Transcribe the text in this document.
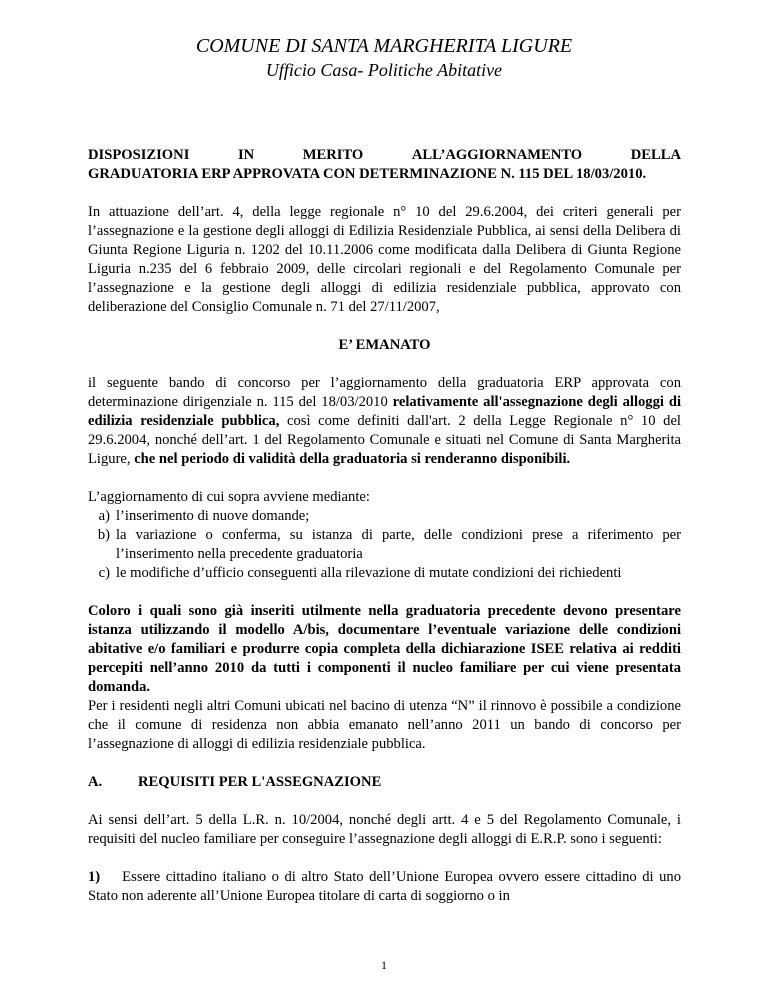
COMUNE DI SANTA MARGHERITA LIGURE
Ufficio Casa- Politiche Abitative
DISPOSIZIONI	IN	MERITO	ALL’AGGIORNAMENTO	DELLA

GRADUATORIA ERP APPROVATA CON DETERMINAZIONE N. 115 DEL 18/03/2010.

In attuazione dell’art. 4, della legge regionale n° 10 del 29.6.2004, dei criteri generali per l’assegnazione e la gestione degli alloggi di Edilizia Residenziale Pubblica, ai sensi della Delibera di Giunta Regione Liguria n. 1202 del 10.11.2006 come modificata dalla Delibera di Giunta Regione Liguria n.235 del 6 febbraio 2009, delle circolari regionali e del Regolamento Comunale per l’assegnazione e la gestione degli alloggi di edilizia residenziale pubblica, approvato con deliberazione del Consiglio Comunale n. 71 del 27/11/2007,

E’ EMANATO

il seguente bando di concorso per l’aggiornamento della graduatoria ERP approvata con determinazione dirigenziale n. 115 del 18/03/2010 relativamente all'assegnazione degli alloggi di edilizia residenziale pubblica, così come definiti dall'art. 2 della Legge Regionale n° 10 del 29.6.2004, nonché dell’art. 1 del Regolamento Comunale e situati nel Comune di Santa Margherita Ligure, che nel periodo di validità della graduatoria si renderanno disponibili.

L’aggiornamento di cui sopra avviene mediante:

a) l’inserimento di nuove domande;
b) la variazione o conferma, su istanza di parte, delle condizioni prese a riferimento per l’inserimento nella precedente graduatoria
c) le modifiche d’ufficio conseguenti alla rilevazione di mutate condizioni dei richiedenti

Coloro i quali sono già inseriti utilmente nella graduatoria precedente devono presentare istanza utilizzando il modello A/bis, documentare l’eventuale variazione delle condizioni abitative e/o familiari e produrre copia completa della dichiarazione ISEE relativa ai redditi percepiti nell’anno 2010 da tutti i componenti il nucleo familiare per cui viene presentata domanda.

Per i residenti negli altri Comuni ubicati nel bacino di utenza “N” il rinnovo è possibile a condizione che il comune di residenza non abbia emanato nell’anno 2011 un bando di concorso per l’assegnazione di alloggi di edilizia residenziale pubblica.

A.	REQUISITI PER L'ASSEGNAZIONE

Ai sensi dell’art. 5 della L.R. n. 10/2004, nonché degli artt. 4 e 5 del Regolamento Comunale, i requisiti del nucleo familiare per conseguire l’assegnazione degli alloggi di E.R.P. sono i seguenti:

1) Essere cittadino italiano o di altro Stato dell’Unione Europea ovvero essere cittadino di uno Stato non aderente all’Unione Europea titolare di carta di soggiorno o in

1
